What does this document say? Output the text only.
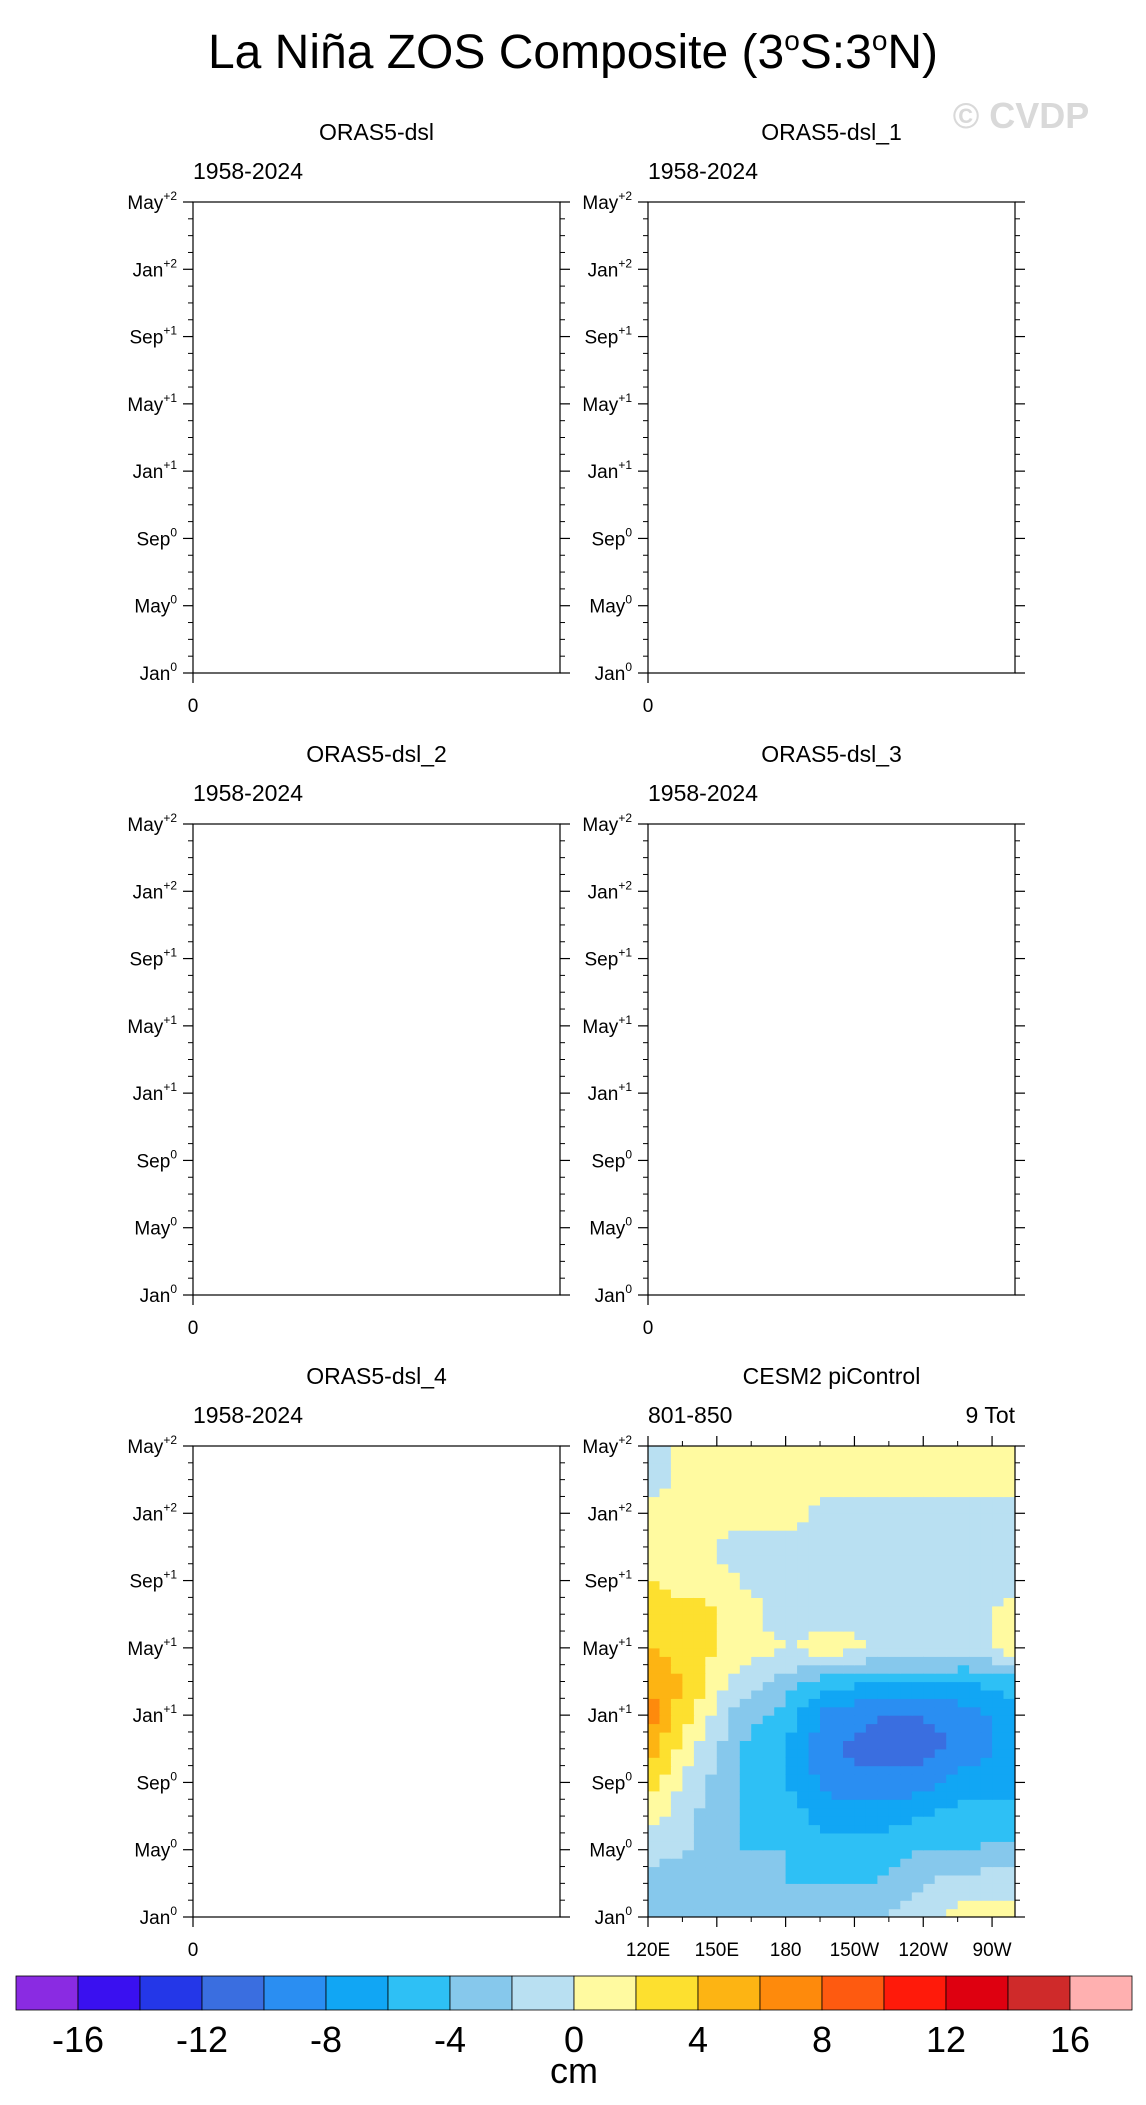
La Niña ZOS Composite (3$^o$S:3$^o$N)
© CVDP
ORAS5-dsl
1958-2024
Jan$^0$
May$^0$
Sep$^0$
Jan$^{+1}$
May$^{+1}$
Sep$^{+1}$
Jan$^{+2}$
May$^{+2}$
0
ORAS5-dsl_1
1958-2024
Jan$^0$
May$^0$
Sep$^0$
Jan$^{+1}$
May$^{+1}$
Sep$^{+1}$
Jan$^{+2}$
May$^{+2}$
0
ORAS5-dsl_2
1958-2024
Jan$^0$
May$^0$
Sep$^0$
Jan$^{+1}$
May$^{+1}$
Sep$^{+1}$
Jan$^{+2}$
May$^{+2}$
0
ORAS5-dsl_3
1958-2024
Jan$^0$
May$^0$
Sep$^0$
Jan$^{+1}$
May$^{+1}$
Sep$^{+1}$
Jan$^{+2}$
May$^{+2}$
0
ORAS5-dsl_4
1958-2024
Jan$^0$
May$^0$
Sep$^0$
Jan$^{+1}$
May$^{+1}$
Sep$^{+1}$
Jan$^{+2}$
May$^{+2}$
0
CESM2 piControl
801-850	9 Tot
Jan$^0$
May$^0$
Sep$^0$
Jan$^{+1}$
May$^{+1}$
Sep$^{+1}$
Jan$^{+2}$
May$^{+2}$
120E 150E 180 150W 120W 90W
-16 -12 -8	-4	0	4	8	12 16
cm
